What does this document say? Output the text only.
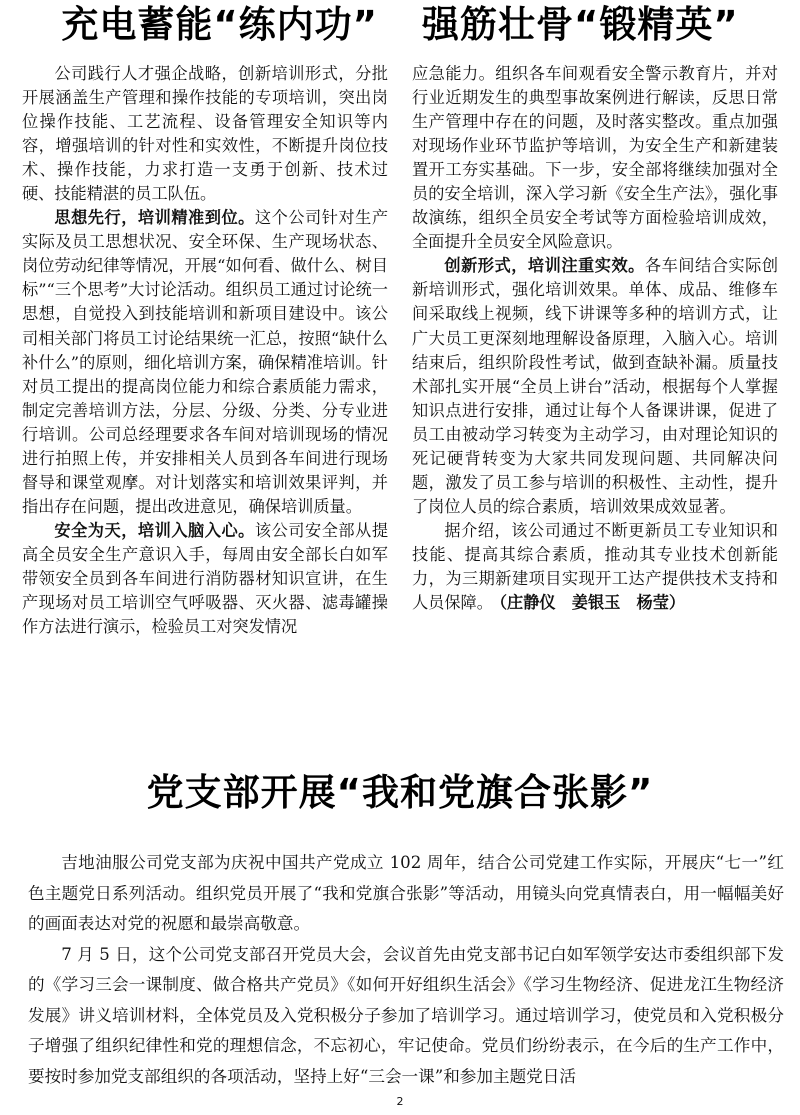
充电蓄能“练内功” 强筋壮骨“锻精英”

公司践行人才强企战略，创新培训形式，分批开展涵盖生产管理和操作技能的专项培训，突出岗位操作技能、工艺流程、设备管理安全知识等内容，增强培训的针对性和实效性，不断提升岗位技术、操作技能，力求打造一支勇于创新、技术过硬、技能精湛的员工队伍。

思想先行，培训精准到位。这个公司针对生产实际及员工思想状况、安全环保、生产现场状态、岗位劳动纪律等情况，开展“如何看、做什么、树目标”“三个思考”大讨论活动。组织员工通过讨论统一思想，自觉投入到技能培训和新项目建设中。该公司相关部门将员工讨论结果统一汇总，按照“缺什么补什么”的原则，细化培训方案，确保精准培训。针对员工提出的提高岗位能力和综合素质能力需求，制定完善培训方法，分层、分级、分类、分专业进行培训。公司总经理要求各车间对培训现场的情况进行拍照上传，并安排相关人员到各车间进行现场督导和课堂观摩。对计划落实和培训效果评判，并指出存在问题，提出改进意见，确保培训质量。

安全为天，培训入脑入心。该公司安全部从提高全员安全生产意识入手，每周由安全部长白如军带领安全员到各车间进行消防器材知识宣讲，在生产现场对员工培训空气呼吸器、灭火器、滤毒罐操作方法进行演示，检验员工对突发情况

应急能力。组织各车间观看安全警示教育片，并对行业近期发生的典型事故案例进行解读，反思日常生产管理中存在的问题，及时落实整改。重点加强对现场作业环节监护等培训，为安全生产和新建装置开工夯实基础。下一步，安全部将继续加强对全员的安全培训，深入学习新《安全生产法》，强化事故演练，组织全员安全考试等方面检验培训成效，全面提升全员安全风险意识。

创新形式，培训注重实效。各车间结合实际创新培训形式，强化培训效果。单体、成品、维修车间采取线上视频，线下讲课等多种的培训方式，让广大员工更深刻地理解设备原理，入脑入心。培训结束后，组织阶段性考试，做到查缺补漏。质量技术部扎实开展“全员上讲台”活动，根据每个人掌握知识点进行安排，通过让每个人备课讲课，促进了员工由被动学习转变为主动学习，由对理论知识的死记硬背转变为大家共同发现问题、共同解决问题，激发了员工参与培训的积极性、主动性，提升了岗位人员的综合素质，培训效果成效显著。

据介绍，该公司通过不断更新员工专业知识和技能、提高其综合素质，推动其专业技术创新能力，为三期新建项目实现开工达产提供技术支持和人员保障。 （庄静仪　姜银玉　杨莹）

党支部开展“我和党旗合张影”

吉地油服公司党支部为庆祝中国共产党成立 102 周年，结合公司党建工作实际，开展庆“七一”红色主题党日系列活动。组织党员开展了“我和党旗合张影”等活动，用镜头向党真情表白，用一幅幅美好的画面表达对党的祝愿和最崇高敬意。

7 月 5 日，这个公司党支部召开党员大会，会议首先由党支部书记白如军领学安达市委组织部下发的《学习三会一课制度、做合格共产党员》《如何开好组织生活会》《学习生物经济、促进龙江生物经济发展》讲义培训材料，全体党员及入党积极分子参加了培训学习。通过培训学习，使党员和入党积极分子增强了组织纪律性和党的理想信念，不忘初心，牢记使命。党员们纷纷表示，在今后的生产工作中，要按时参加党支部组织的各项活动，坚持上好“三会一课”和参加主题党日活

2
